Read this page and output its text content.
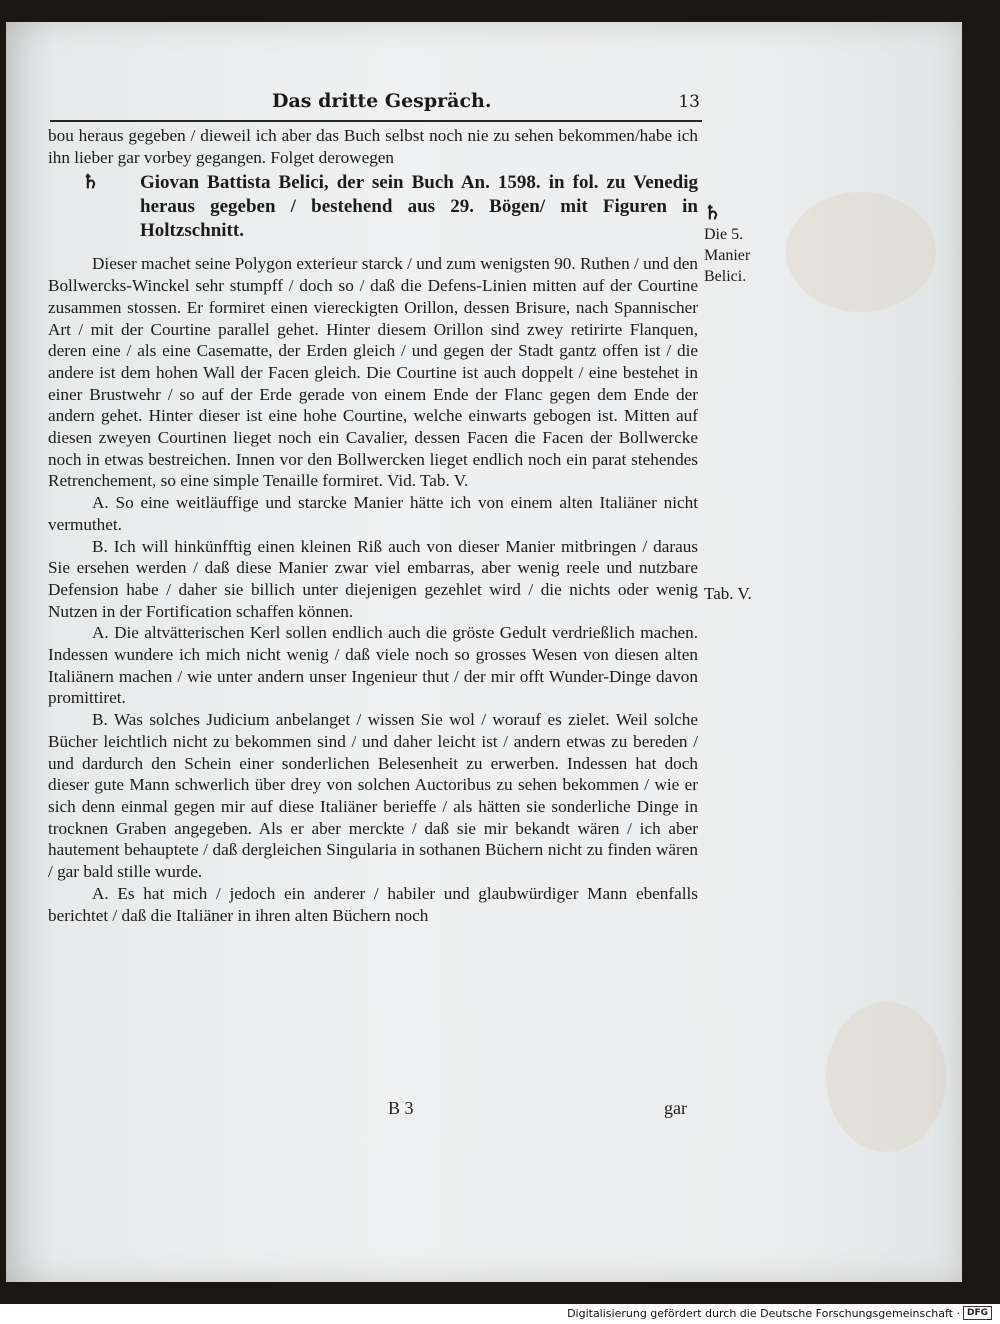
Das dritte Gespräch.	13

bou heraus gegeben / dieweil ich aber das Buch selbst noch nie zu sehen bekommen/habe ich ihn lieber gar vorbey gegangen. Folget derowegen

♄ Giovan Battista Belici, der sein Buch An. 1598. in fol. zu Venedig heraus gegeben / bestehend aus 29. Bögen/ mit Figuren in Holtzschnitt.

Dieser machet seine Polygon exterieur starck / und zum wenigsten 90. Ruthen / und den Bollwercks-Winckel sehr stumpff / doch so / daß die Defens-Linien mitten auf der Courtine zusammen stossen. Er formiret einen viereckigten Orillon, dessen Brisure, nach Spannischer Art / mit der Courtine parallel gehet. Hinter diesem Orillon sind zwey retirirte Flanquen, deren eine / als eine Casematte, der Erden gleich / und gegen der Stadt gantz offen ist / die andere ist dem hohen Wall der Facen gleich. Die Courtine ist auch doppelt / eine bestehet in einer Brustwehr / so auf der Erde gerade von einem Ende der Flanc gegen dem Ende der andern gehet. Hinter dieser ist eine hohe Courtine, welche einwarts gebogen ist. Mitten auf diesen zweyen Courtinen lieget noch ein Cavalier, dessen Facen die Facen der Bollwercke noch in etwas bestreichen. Innen vor den Bollwercken lieget endlich noch ein parat stehendes Retrenchement, so eine simple Tenaille formiret. Vid. Tab. V.

A. So eine weitläuffige und starcke Manier hätte ich von einem alten Italiäner nicht vermuthet.

B. Ich will hinkünfftig einen kleinen Riß auch von dieser Manier mitbringen / daraus Sie ersehen werden / daß diese Manier zwar viel embarras, aber wenig reele und nutzbare Defension habe / daher sie billich unter diejenigen gezehlet wird / die nichts oder wenig Nutzen in der Fortification schaffen können.

A. Die altvätterischen Kerl sollen endlich auch die gröste Gedult verdrießlich machen. Indessen wundere ich mich nicht wenig / daß viele noch so grosses Wesen von diesen alten Italiänern machen / wie unter andern unser Ingenieur thut / der mir offt Wunder-Dinge davon promittiret.

B. Was solches Judicium anbelanget / wissen Sie wol / worauf es zielet. Weil solche Bücher leichtlich nicht zu bekommen sind / und daher leicht ist / andern etwas zu bereden / und dardurch den Schein einer sonderlichen Belesenheit zu erwerben. Indessen hat doch dieser gute Mann schwerlich über drey von solchen Auctoribus zu sehen bekommen / wie er sich denn einmal gegen mir auf diese Italiäner berieffe / als hätten sie sonderliche Dinge in trocknen Graben angegeben. Als er aber merckte / daß sie mir bekandt wären / ich aber hautement behauptete / daß dergleichen Singularia in sothanen Büchern nicht zu finden wären / gar bald stille wurde.

A. Es hat mich / jedoch ein anderer / habiler und glaubwürdiger Mann ebenfalls berichtet / daß die Italiäner in ihren alten Büchern noch

♄
Die 5.
Manier
Belici.
Tab. V.
B 3	gar
Digitalisierung gefördert durch die Deutsche Forschungsgemeinschaft · DFG
